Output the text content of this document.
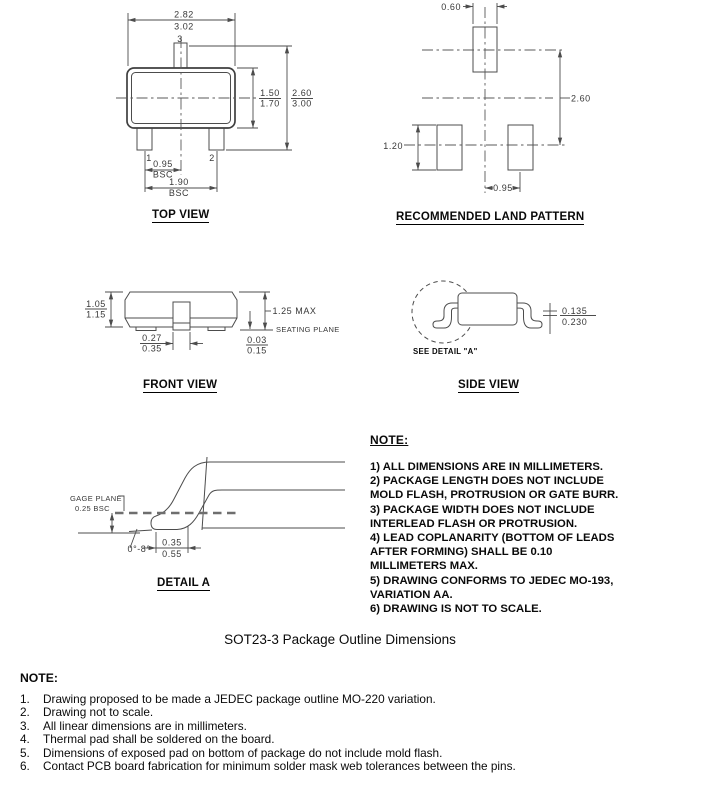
2.82
3.02
3
1.50
1.70
2.60
3.00
1	2
0.95
BSC
1.90
BSC
0.60
2.60
1.20
0.95
1.05
1.15
0.27
0.35
1.25 MAX
SEATING PLANE
0.03
0.15
0.135
0.230
GAGE PLANE
0.25 BSC
0°-8°
0.35
0.55
TOP VIEW	RECOMMENDED LAND PATTERN
FRONT VIEW	SIDE VIEW
DETAIL A
SEE DETAIL "A"
NOTE:
1) ALL DIMENSIONS ARE IN MILLIMETERS.
2) PACKAGE LENGTH DOES NOT INCLUDE MOLD FLASH, PROTRUSION OR GATE BURR.
3) PACKAGE WIDTH DOES NOT INCLUDE INTERLEAD FLASH OR PROTRUSION.
4) LEAD COPLANARITY (BOTTOM OF LEADS AFTER FORMING) SHALL BE 0.10 MILLIMETERS MAX.
5) DRAWING CONFORMS TO JEDEC MO-193, VARIATION AA.
6) DRAWING IS NOT TO SCALE.
SOT23-3 Package Outline Dimensions
NOTE:
1.	Drawing proposed to be made a JEDEC package outline MO-220 variation.
2.	Drawing not to scale.
3.	All linear dimensions are in millimeters.
4.	Thermal pad shall be soldered on the board.
5.	Dimensions of exposed pad on bottom of package do not include mold flash.
6.	Contact PCB board fabrication for minimum solder mask web tolerances between the pins.
